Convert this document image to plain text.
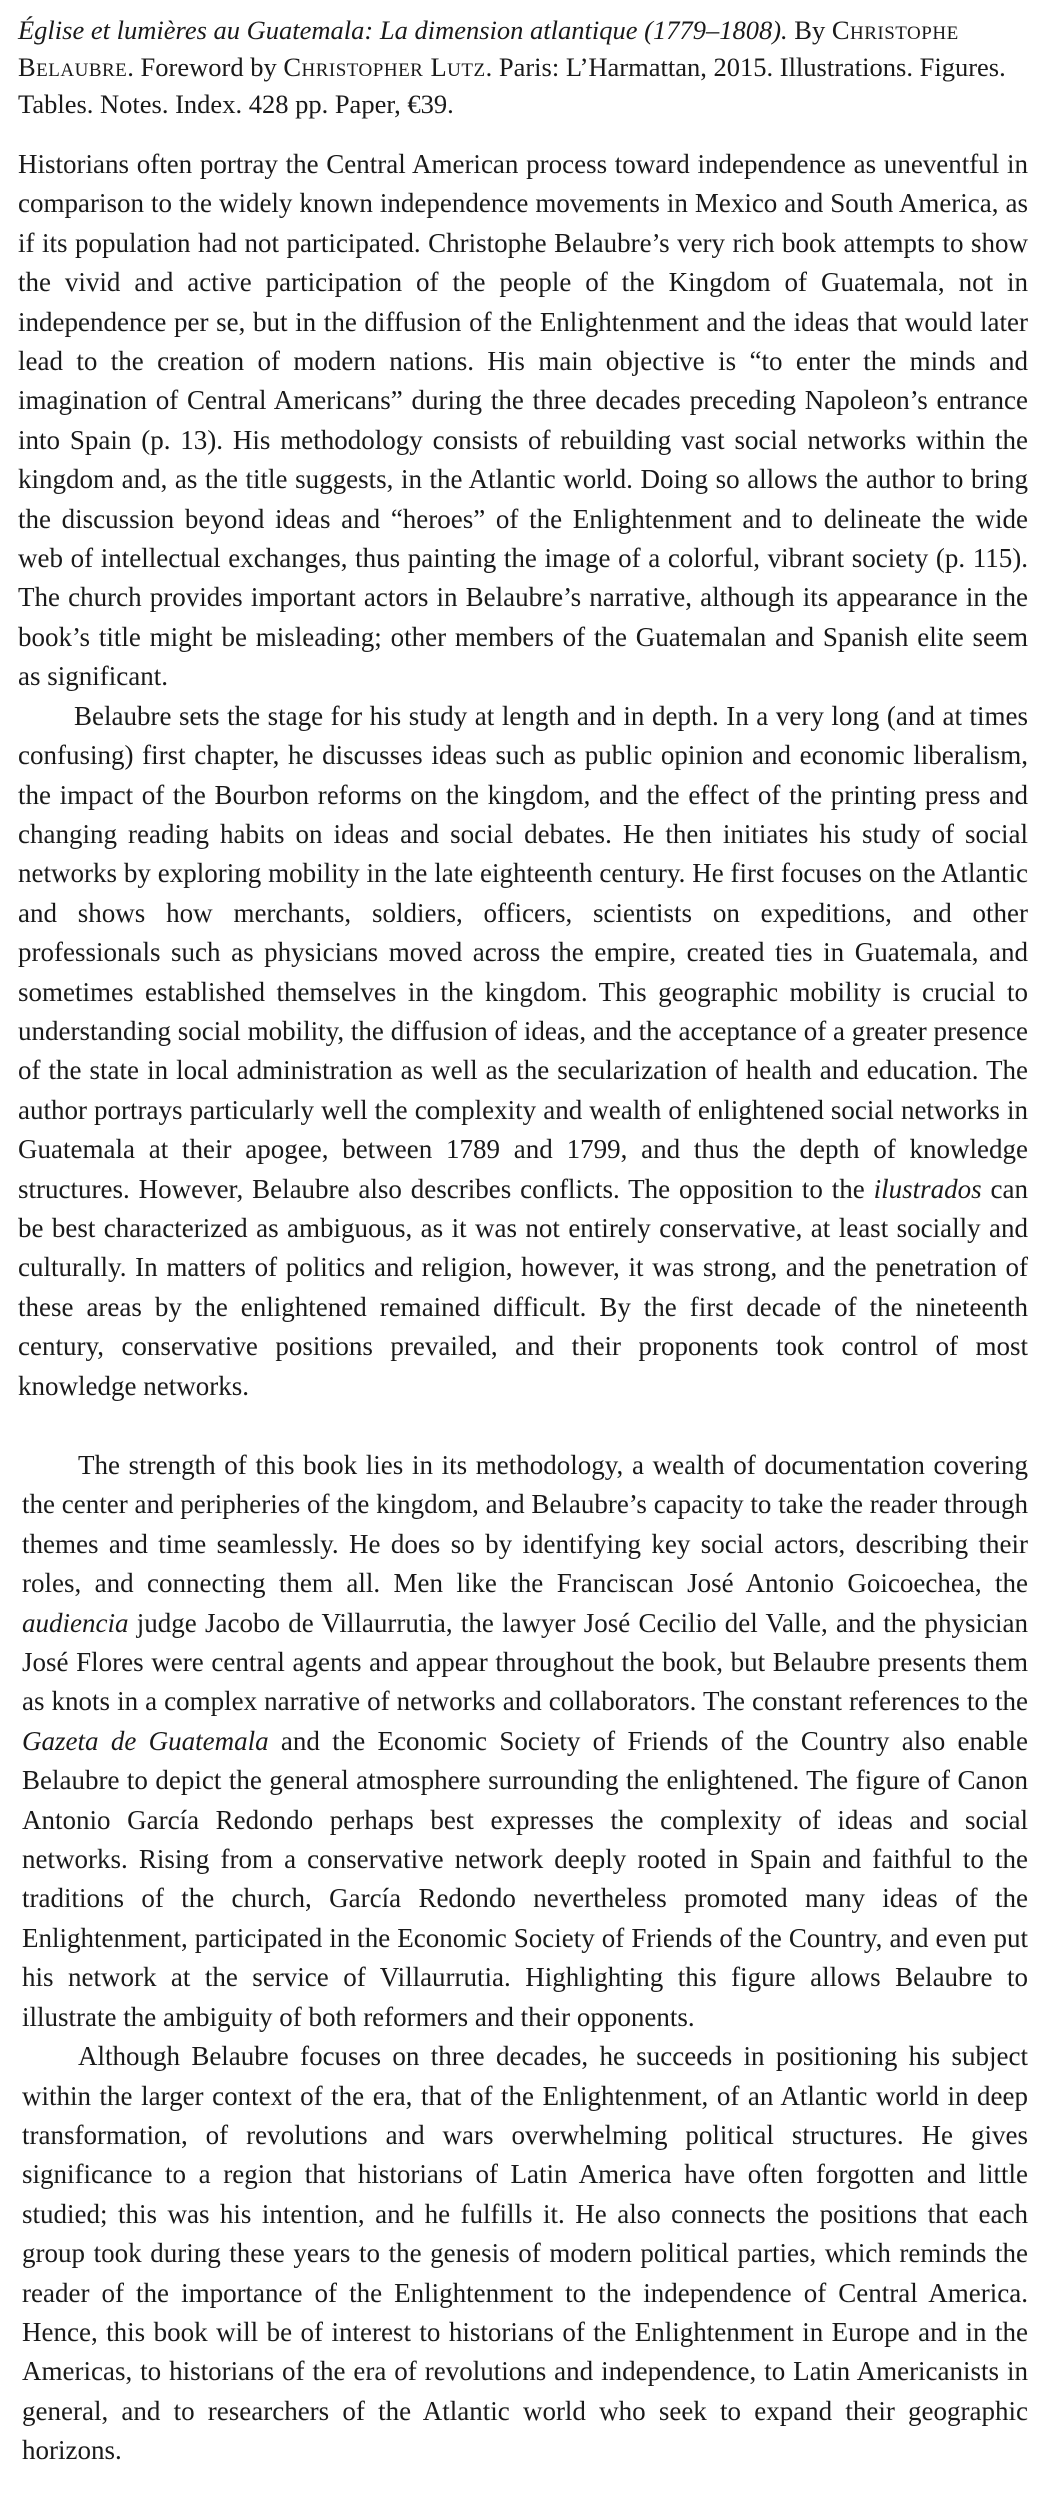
Église et lumières au Guatemala: La dimension atlantique (1779–1808). By Christophe Belaubre. Foreword by Christopher Lutz. Paris: L’Harmattan, 2015. Illustrations. Figures. Tables. Notes. Index. 428 pp. Paper, €39.

Historians often portray the Central American process toward independence as uneventful in comparison to the widely known independence movements in Mexico and South America, as if its population had not participated. Christophe Belaubre’s very rich book attempts to show the vivid and active participation of the people of the Kingdom of Guatemala, not in independence per se, but in the diffusion of the Enlightenment and the ideas that would later lead to the creation of modern nations. His main objective is “to enter the minds and imagination of Central Americans” during the three decades preceding Napoleon’s entrance into Spain (p. 13). His methodology consists of rebuilding vast social networks within the kingdom and, as the title suggests, in the Atlantic world. Doing so allows the author to bring the discussion beyond ideas and “heroes” of the Enlightenment and to delineate the wide web of intellectual exchanges, thus painting the image of a colorful, vibrant society (p. 115). The church provides important actors in Belaubre’s narrative, although its appearance in the book’s title might be misleading; other members of the Guatemalan and Spanish elite seem as significant.

Belaubre sets the stage for his study at length and in depth. In a very long (and at times confusing) first chapter, he discusses ideas such as public opinion and economic liberalism, the impact of the Bourbon reforms on the kingdom, and the effect of the printing press and changing reading habits on ideas and social debates. He then initiates his study of social networks by exploring mobility in the late eighteenth century. He first focuses on the Atlantic and shows how merchants, soldiers, officers, scientists on expeditions, and other professionals such as physicians moved across the empire, created ties in Guatemala, and sometimes established themselves in the kingdom. This geographic mobility is crucial to understanding social mobility, the diffusion of ideas, and the acceptance of a greater presence of the state in local administration as well as the secularization of health and education. The author portrays particularly well the complexity and wealth of enlightened social networks in Guatemala at their apogee, between 1789 and 1799, and thus the depth of knowledge structures. However, Belaubre also describes conflicts. The opposition to the ilustrados can be best characterized as ambiguous, as it was not entirely conservative, at least socially and culturally. In matters of politics and religion, however, it was strong, and the penetration of these areas by the enlightened remained difficult. By the first decade of the nineteenth century, conservative positions prevailed, and their proponents took control of most knowledge networks.

The strength of this book lies in its methodology, a wealth of documentation covering the center and peripheries of the kingdom, and Belaubre’s capacity to take the reader through themes and time seamlessly. He does so by identifying key social actors, describing their roles, and connecting them all. Men like the Franciscan José Antonio Goicoechea, the audiencia judge Jacobo de Villaurrutia, the lawyer José Cecilio del Valle, and the physician José Flores were central agents and appear throughout the book, but Belaubre presents them as knots in a complex narrative of networks and collaborators. The constant references to the Gazeta de Guatemala and the Economic Society of Friends of the Country also enable Belaubre to depict the general atmosphere surrounding the enlightened. The figure of Canon Antonio García Redondo perhaps best expresses the complexity of ideas and social networks. Rising from a conservative network deeply rooted in Spain and faithful to the traditions of the church, García Redondo nevertheless promoted many ideas of the Enlightenment, participated in the Economic Society of Friends of the Country, and even put his network at the service of Villaurrutia. Highlighting this figure allows Belaubre to illustrate the ambiguity of both reformers and their opponents.

Although Belaubre focuses on three decades, he succeeds in positioning his subject within the larger context of the era, that of the Enlightenment, of an Atlantic world in deep transformation, of revolutions and wars overwhelming political structures. He gives significance to a region that historians of Latin America have often forgotten and little studied; this was his intention, and he fulfills it. He also connects the positions that each group took during these years to the genesis of modern political parties, which reminds the reader of the importance of the Enlightenment to the independence of Central America. Hence, this book will be of interest to historians of the Enlightenment in Europe and in the Americas, to historians of the era of revolutions and independence, to Latin Americanists in general, and to researchers of the Atlantic world who seek to expand their geographic horizons.
